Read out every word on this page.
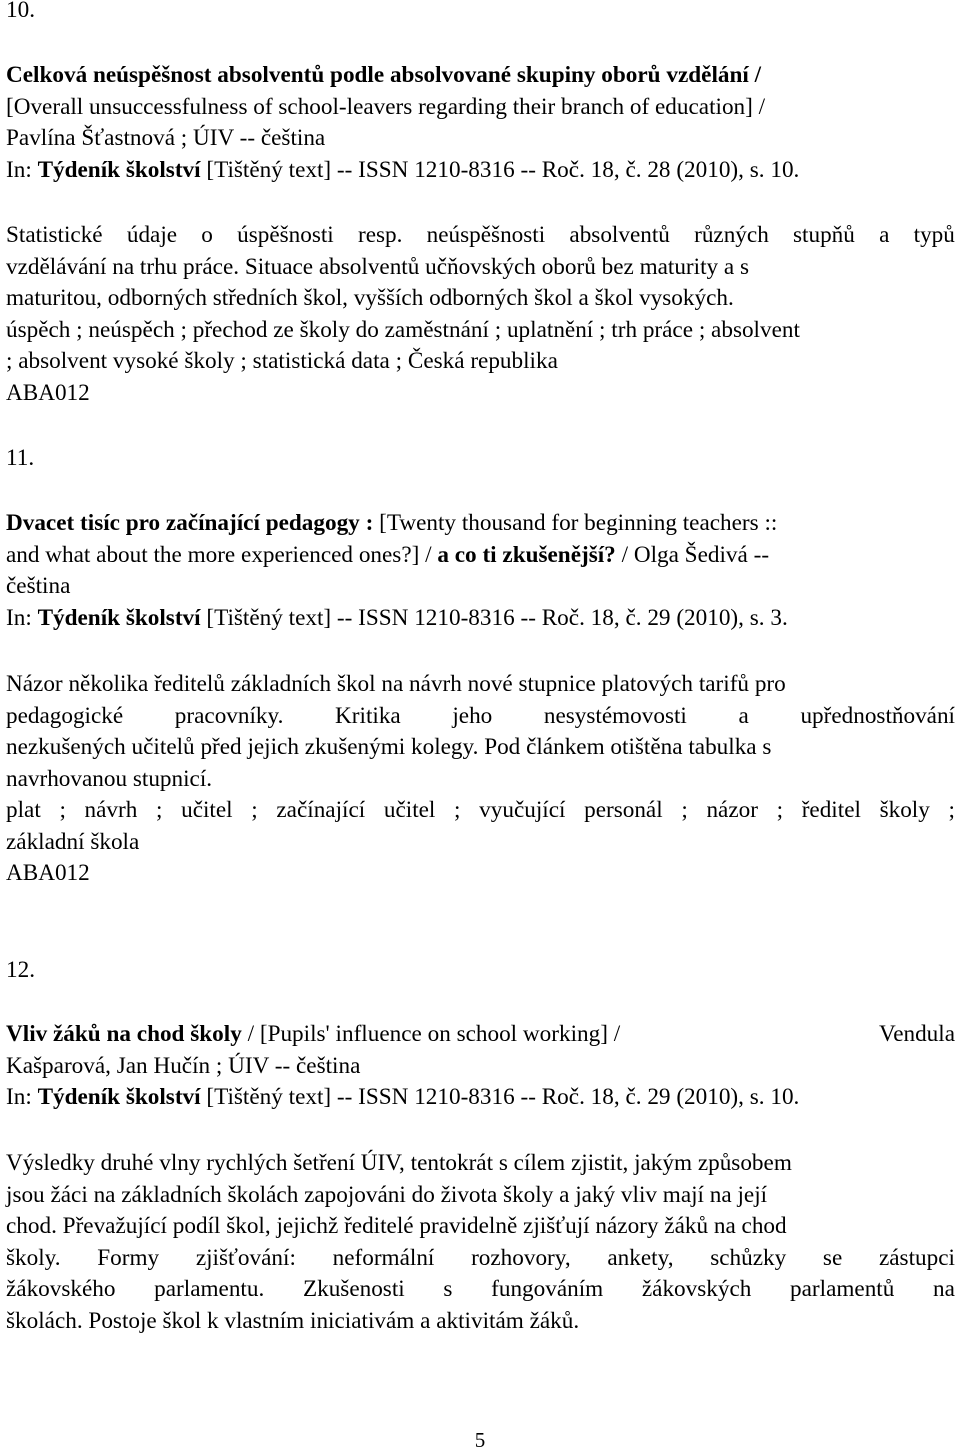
10.
Celková neúspěšnost absolventů podle absolvované skupiny oborů vzdělání /
[Overall unsuccessfulness of school-leavers regarding their branch of education] /
Pavlína Šťastnová ; ÚIV -- čeština
In: Týdeník školství [Tištěný text] -- ISSN 1210-8316 -- Roč. 18, č. 28 (2010), s. 10.
Statistické údaje o úspěšnosti resp. neúspěšnosti absolventů různých stupňů a typů
vzdělávání na trhu práce. Situace absolventů učňovských oborů bez maturity a s
maturitou, odborných středních škol, vyšších odborných škol a škol vysokých.
úspěch ; neúspěch ; přechod ze školy do zaměstnání ; uplatnění ; trh práce ; absolvent
; absolvent vysoké školy ; statistická data ; Česká republika
ABA012
11.
Dvacet tisíc pro začínající pedagogy : [Twenty thousand for beginning teachers ::
and what about the more experienced ones?] / a co ti zkušenější? / Olga Šedivá --
čeština
In: Týdeník školství [Tištěný text] -- ISSN 1210-8316 -- Roč. 18, č. 29 (2010), s. 3.
Názor několika ředitelů základních škol na návrh nové stupnice platových tarifů pro
pedagogické pracovníky. Kritika jeho nesystémovosti a upřednostňování
nezkušených učitelů před jejich zkušenými kolegy. Pod článkem otištěna tabulka s
navrhovanou stupnicí.
plat ; návrh ; učitel ; začínající učitel ; vyučující personál ; názor ; ředitel školy ;
základní škola
ABA012
12.
Vliv žáků na chod školy / [Pupils' influence on school working] /	Vendula
Kašparová, Jan Hučín ; ÚIV -- čeština
In: Týdeník školství [Tištěný text] -- ISSN 1210-8316 -- Roč. 18, č. 29 (2010), s. 10.
Výsledky druhé vlny rychlých šetření ÚIV, tentokrát s cílem zjistit, jakým způsobem
jsou žáci na základních školách zapojováni do života školy a jaký vliv mají na její
chod. Převažující podíl škol, jejichž ředitelé pravidelně zjišťují názory žáků na chod
školy. Formy zjišťování: neformální rozhovory, ankety, schůzky se zástupci
žákovského parlamentu. Zkušenosti s fungováním žákovských parlamentů na
školách. Postoje škol k vlastním iniciativám a aktivitám žáků.
5
